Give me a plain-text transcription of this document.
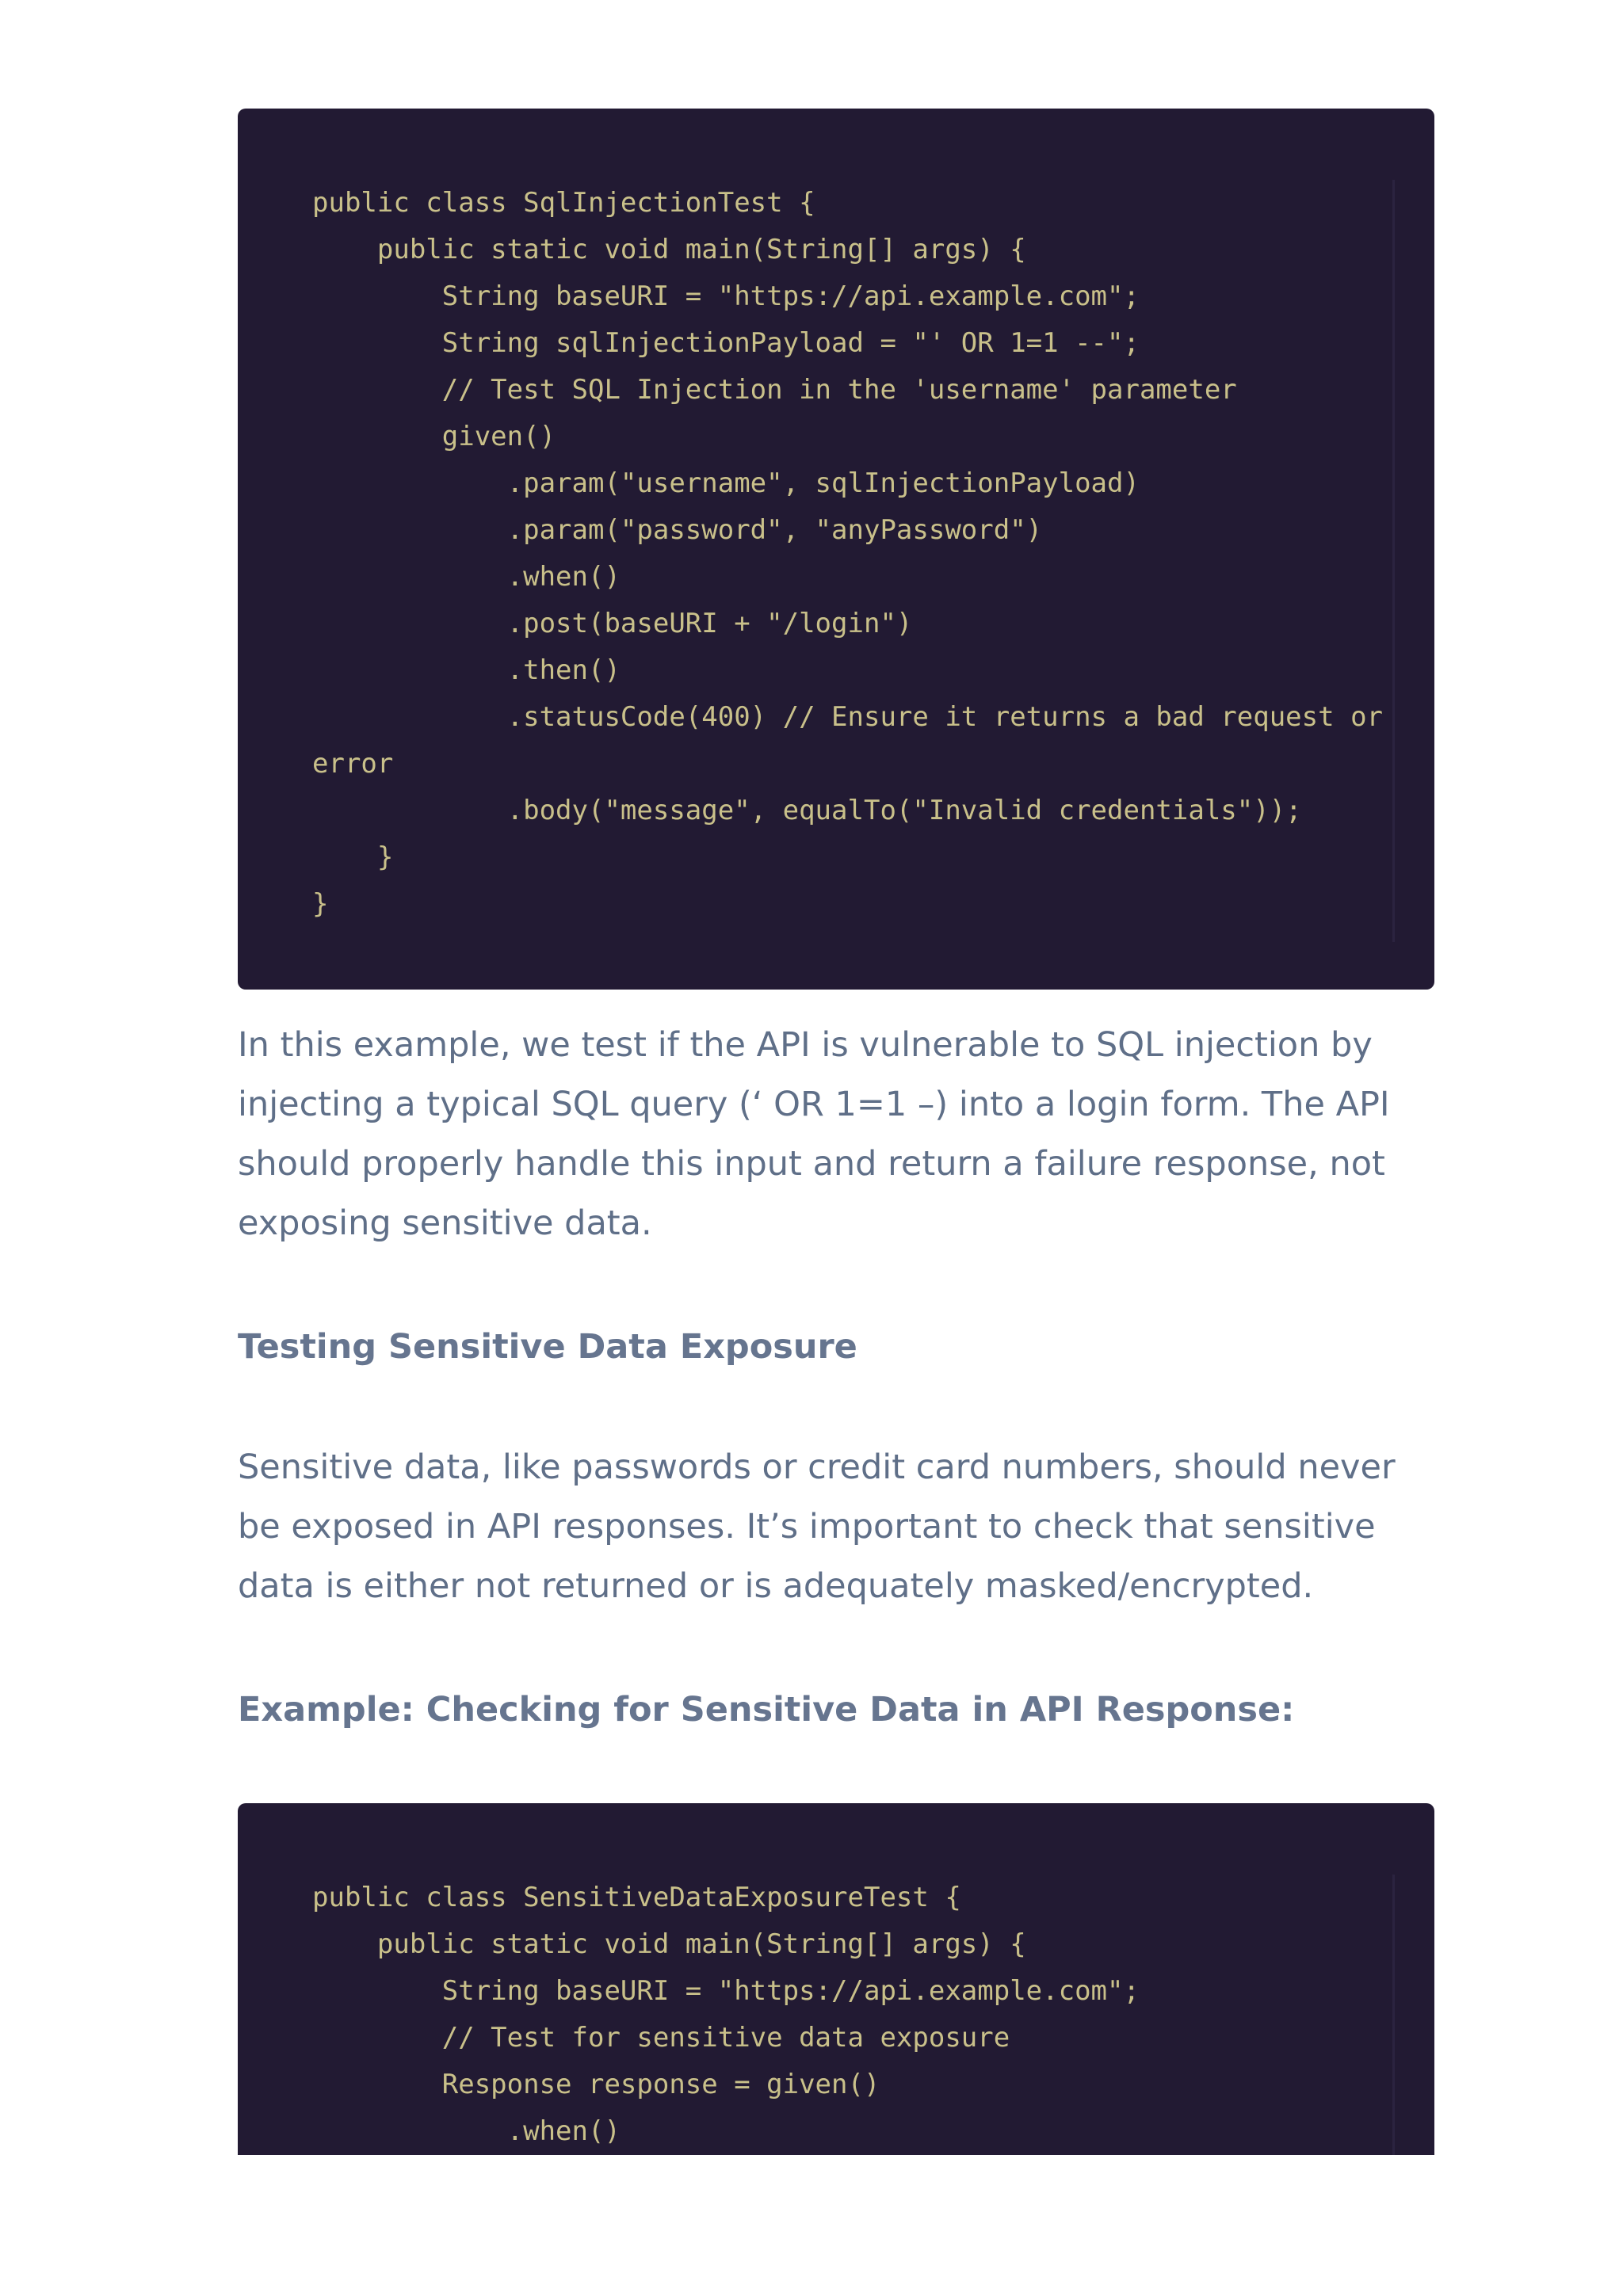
public class SqlInjectionTest {
public static void main(String[] args) {
String baseURI = "https://api.example.com";
String sqlInjectionPayload = "' OR 1=1 --";
// Test SQL Injection in the 'username' parameter
given()
.param("username", sqlInjectionPayload)
.param("password", "anyPassword")
.when()
.post(baseURI + "/login")
.then()
.statusCode(400) // Ensure it returns a bad request or
error
.body("message", equalTo("Invalid credentials"));
}
}

In this example, we test if the API is vulnerable to SQL injection by
injecting a typical SQL query (‘ OR 1=1 –) into a login form. The API
should properly handle this input and return a failure response, not
exposing sensitive data.

Testing Sensitive Data Exposure

Sensitive data, like passwords or credit card numbers, should never
be exposed in API responses. It’s important to check that sensitive
data is either not returned or is adequately masked/encrypted.

Example: Checking for Sensitive Data in API Response:
public class SensitiveDataExposureTest {
public static void main(String[] args) {
String baseURI = "https://api.example.com";
// Test for sensitive data exposure
Response response = given()
.when()
